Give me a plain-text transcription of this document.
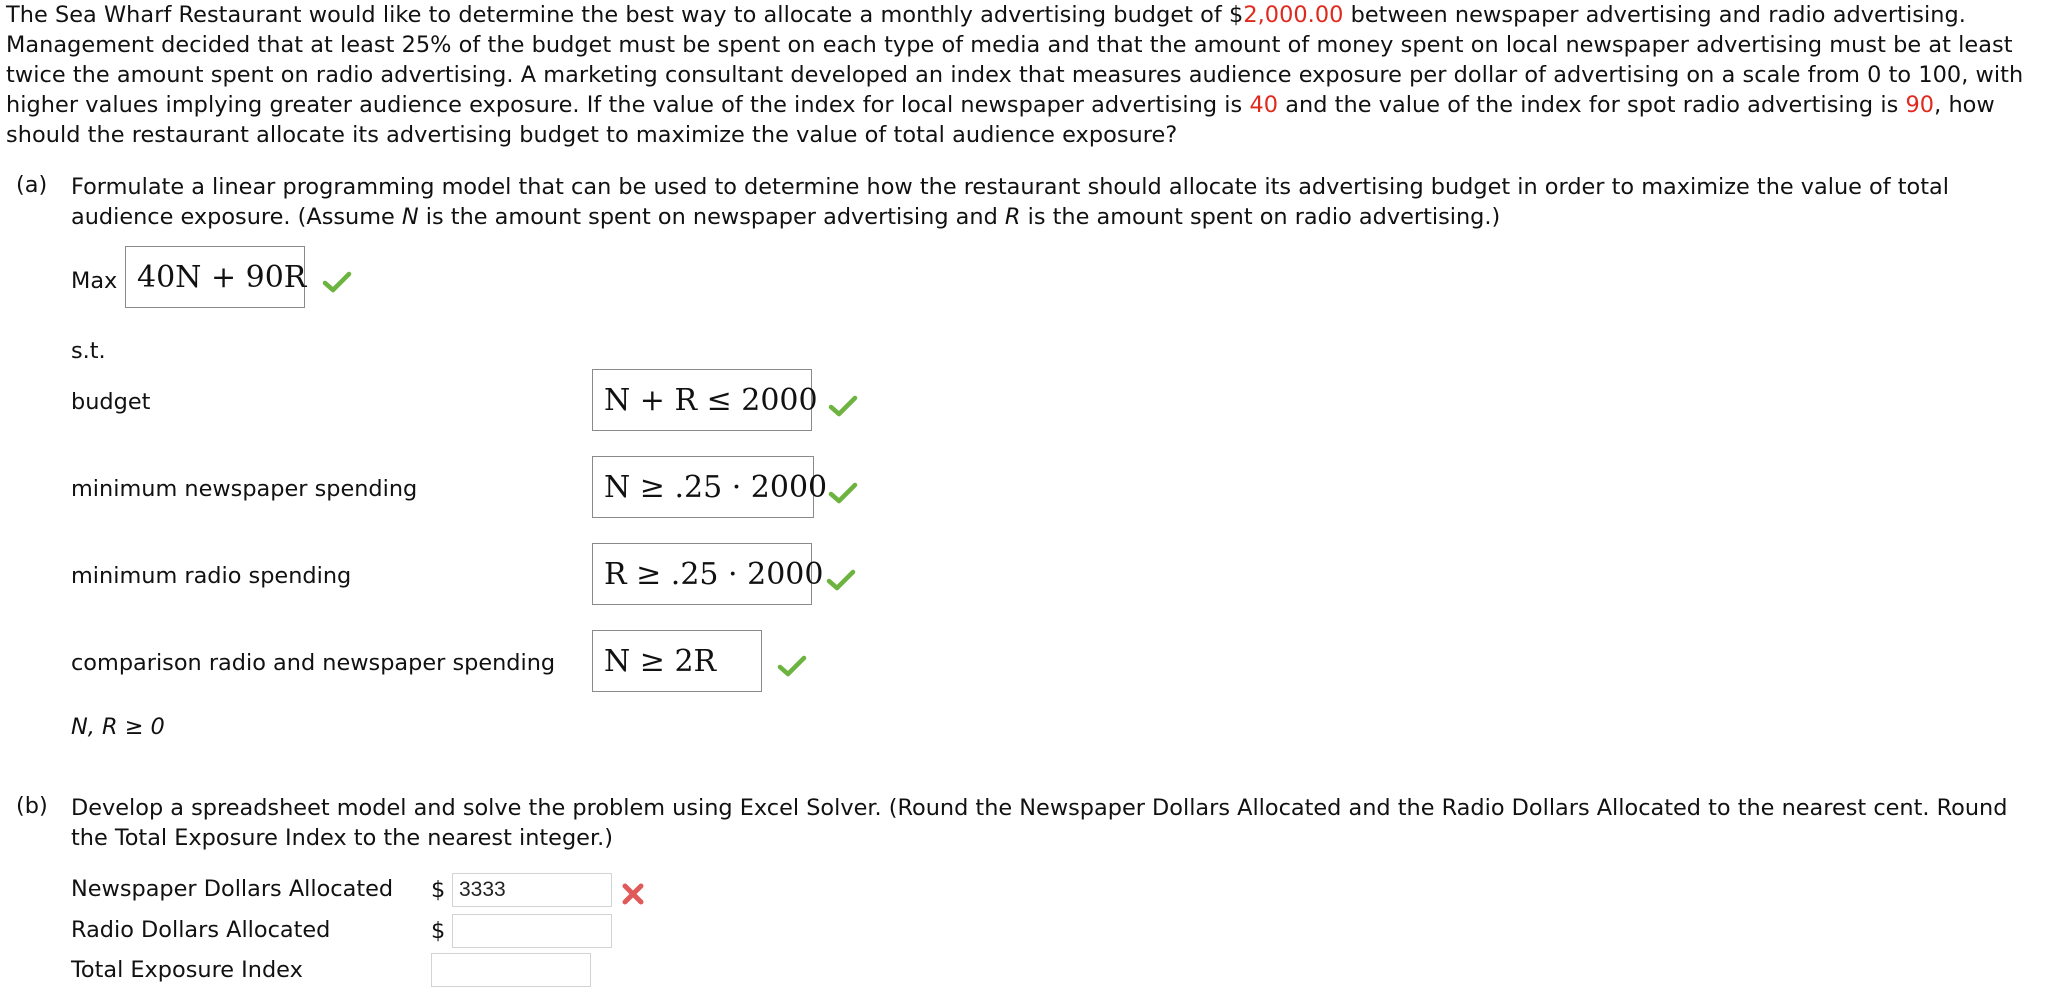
The Sea Wharf Restaurant would like to determine the best way to allocate a monthly advertising budget of $2,000.00 between newspaper advertising and radio advertising. Management decided that at least 25% of the budget must be spent on each type of media and that the amount of money spent on local newspaper advertising must be at least twice the amount spent on radio advertising. A marketing consultant developed an index that measures audience exposure per dollar of advertising on a scale from 0 to 100, with higher values implying greater audience exposure. If the value of the index for local newspaper advertising is 40 and the value of the index for spot radio advertising is 90, how should the restaurant allocate its advertising budget to maximize the value of total audience exposure?
(a) Formulate a linear programming model that can be used to determine how the restaurant should allocate its advertising budget in order to maximize the value of total audience exposure. (Assume N is the amount spent on newspaper advertising and R is the amount spent on radio advertising.)
Max 40N + 90R
s.t.
budget	N + R ≤ 2000
minimum newspaper spending	N ≥ .25 · 2000
minimum radio spending	R ≥ .25 · 2000
comparison radio and newspaper spending N ≥ 2R
N, R ≥ 0
(b) Develop a spreadsheet model and solve the problem using Excel Solver. (Round the Newspaper Dollars Allocated and the Radio Dollars Allocated to the nearest cent. Round the Total Exposure Index to the nearest integer.)
Newspaper Dollars Allocated $ 3333
Radio Dollars Allocated	$
Total Exposure Index
